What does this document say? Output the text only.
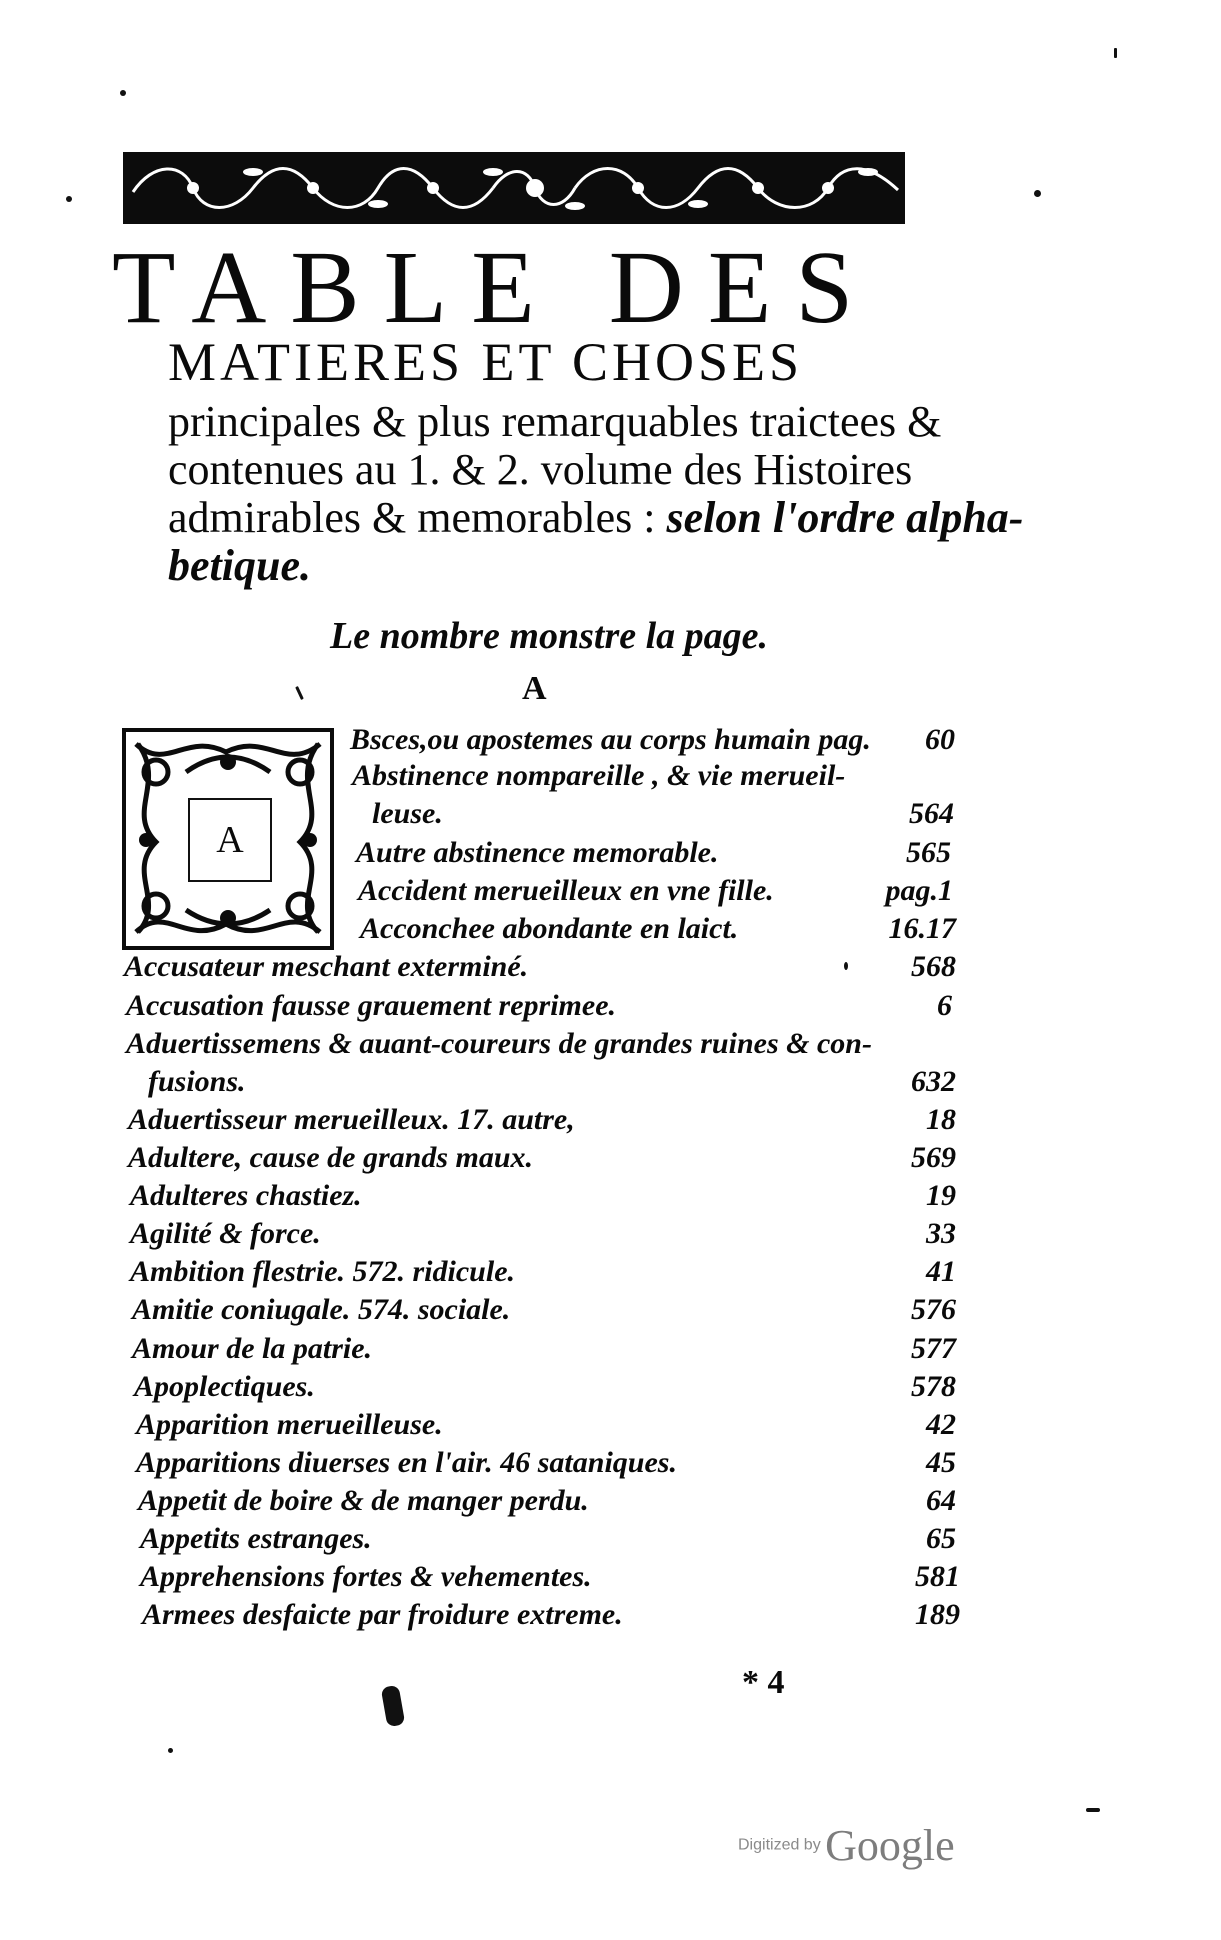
TABLE DES
MATIERES ET CHOSES
principales & plus remarquables traictees &
contenues au 1. & 2. volume des Histoires
admirables & memorables : selon l'ordre alpha-
betique.
Le nombre monstre la page.
A
A
Bsces,ou apostemes au corps humain pag.	60
Abstinence nompareille , & vie merueil-
leuse.	564
Autre abstinence memorable.	565
Accident merueilleux en vne fille.	pag.1
Acconchee abondante en laict.	16.17
Accusateur meschant exterminé.	568
Accusation fausse grauement reprimee.	6
Aduertissemens & auant-coureurs de grandes ruines & con-
fusions.	632
Aduertisseur merueilleux. 17. autre,	18
Adultere, cause de grands maux.	569
Adulteres chastiez.	19
Agilité & force.	33
Ambition flestrie. 572. ridicule.	41
Amitie coniugale. 574. sociale.	576
Amour de la patrie.	577
Apoplectiques.	578
Apparition merueilleuse.	42
Apparitions diuerses en l'air. 46 sataniques.	45
Appetit de boire & de manger perdu.	64
Appetits estranges.	65
Apprehensions fortes & vehementes.	581
Armees desfaicte par froidure extreme.	189
* 4
Digitized by Google
